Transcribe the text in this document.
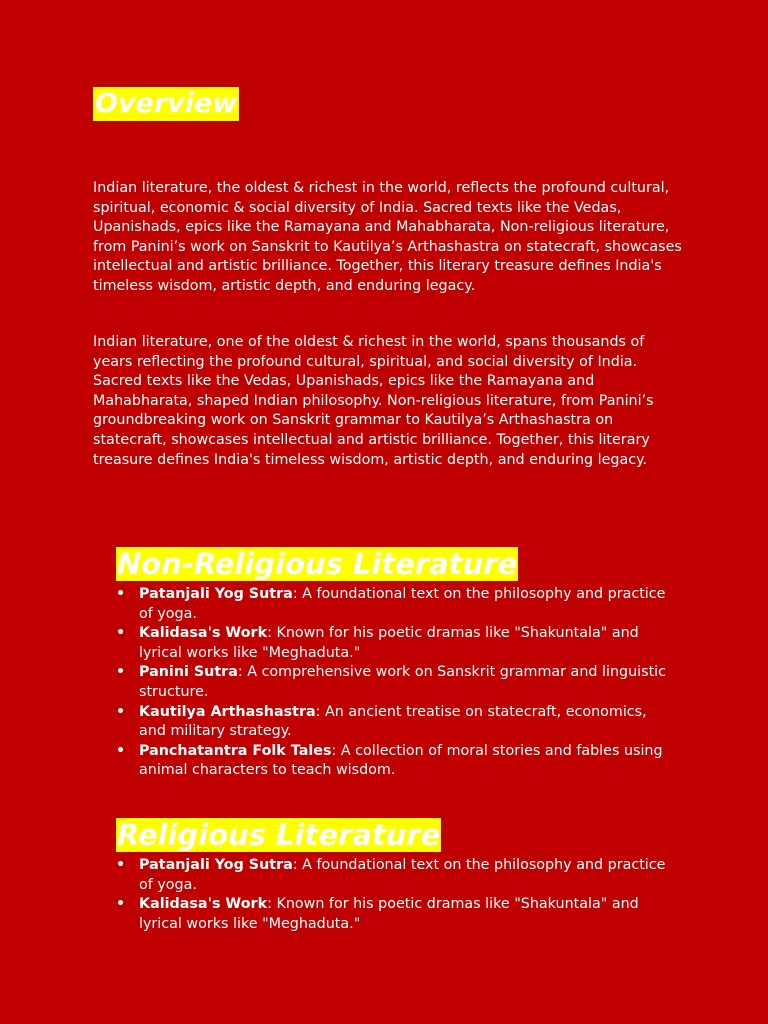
Overview

Indian literature, the oldest & richest in the world, reflects the profound cultural, spiritual, economic & social diversity of India. Sacred texts like the Vedas, Upanishads, epics like the Ramayana and Mahabharata, Non-religious literature, from Panini’s work on Sanskrit to Kautilya’s Arthashastra on statecraft, showcases intellectual and artistic brilliance. Together, this literary treasure defines India's timeless wisdom, artistic depth, and enduring legacy.

Indian literature, one of the oldest & richest in the world, spans thousands of years reflecting the profound cultural, spiritual, and social diversity of India. Sacred texts like the Vedas, Upanishads, epics like the Ramayana and Mahabharata, shaped Indian philosophy. Non-religious literature, from Panini’s groundbreaking work on Sanskrit grammar to Kautilya’s Arthashastra on statecraft, showcases intellectual and artistic brilliance. Together, this literary treasure defines India's timeless wisdom, artistic depth, and enduring legacy.

Non-Religious Literature
• Patanjali Yog Sutra: A foundational text on the philosophy and practice of yoga.
• Kalidasa's Work: Known for his poetic dramas like "Shakuntala" and lyrical works like "Meghaduta."
• Panini Sutra: A comprehensive work on Sanskrit grammar and linguistic structure.
• Kautilya Arthashastra: An ancient treatise on statecraft, economics, and military strategy.
• Panchatantra Folk Tales: A collection of moral stories and fables using animal characters to teach wisdom.
Religious Literature
• Patanjali Yog Sutra: A foundational text on the philosophy and practice of yoga.
• Kalidasa's Work: Known for his poetic dramas like "Shakuntala" and lyrical works like "Meghaduta."
